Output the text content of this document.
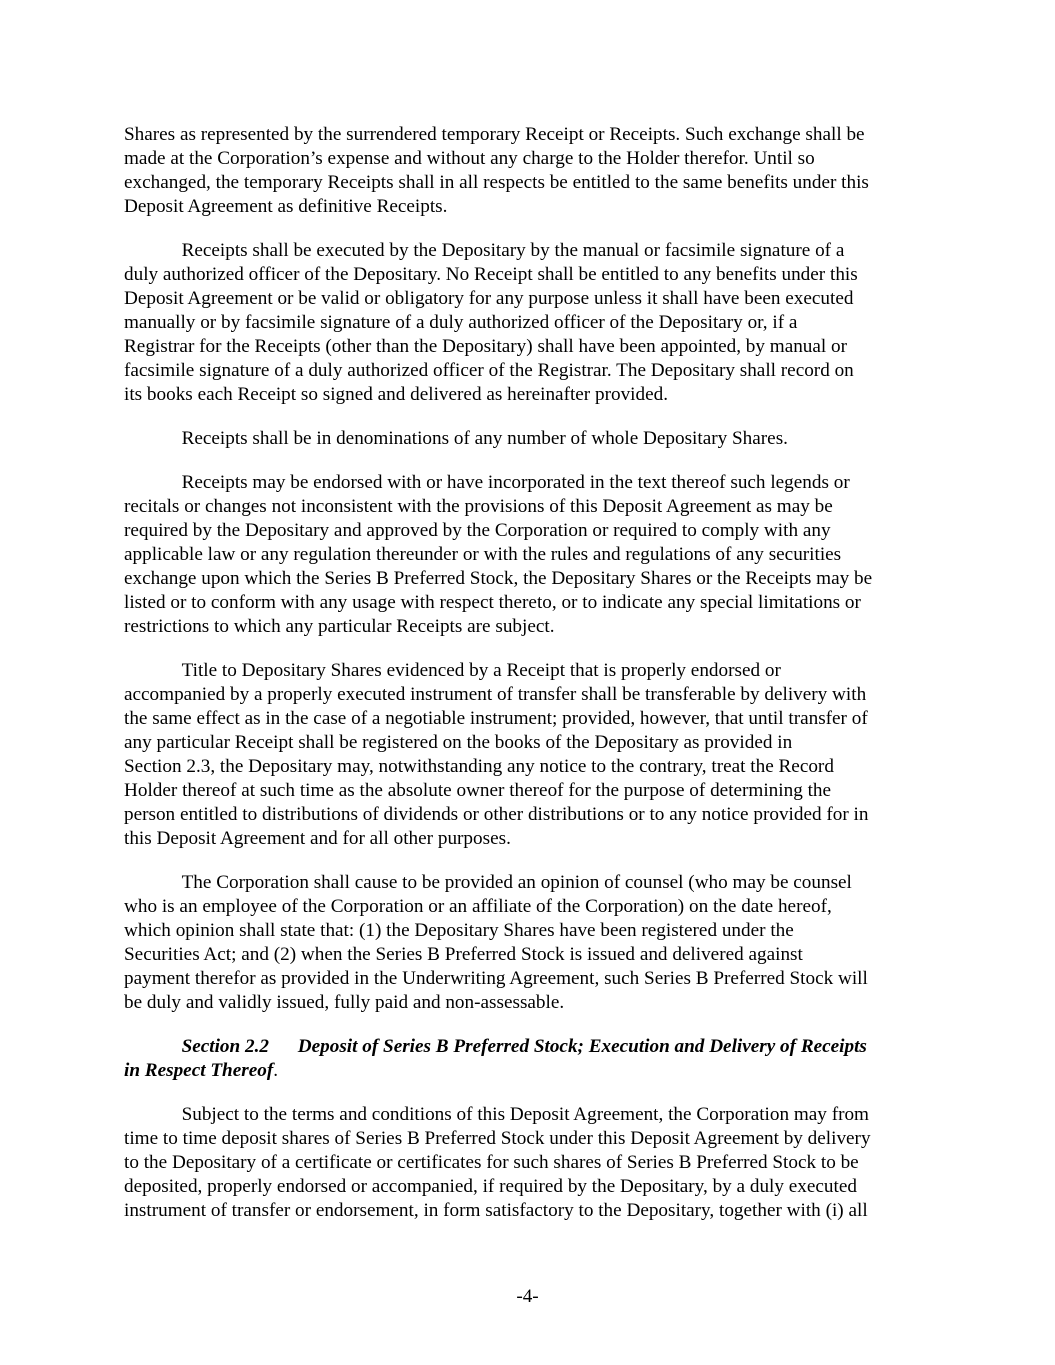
Shares as represented by the surrendered temporary Receipt or Receipts. Such exchange shall be
made at the Corporation’s expense and without any charge to the Holder therefor. Until so
exchanged, the temporary Receipts shall in all respects be entitled to the same benefits under this
Deposit Agreement as definitive Receipts.

Receipts shall be executed by the Depositary by the manual or facsimile signature of a
duly authorized officer of the Depositary. No Receipt shall be entitled to any benefits under this
Deposit Agreement or be valid or obligatory for any purpose unless it shall have been executed
manually or by facsimile signature of a duly authorized officer of the Depositary or, if a
Registrar for the Receipts (other than the Depositary) shall have been appointed, by manual or
facsimile signature of a duly authorized officer of the Registrar. The Depositary shall record on
its books each Receipt so signed and delivered as hereinafter provided.

Receipts shall be in denominations of any number of whole Depositary Shares.

Receipts may be endorsed with or have incorporated in the text thereof such legends or
recitals or changes not inconsistent with the provisions of this Deposit Agreement as may be
required by the Depositary and approved by the Corporation or required to comply with any
applicable law or any regulation thereunder or with the rules and regulations of any securities
exchange upon which the Series B Preferred Stock, the Depositary Shares or the Receipts may be
listed or to conform with any usage with respect thereto, or to indicate any special limitations or
restrictions to which any particular Receipts are subject.

Title to Depositary Shares evidenced by a Receipt that is properly endorsed or
accompanied by a properly executed instrument of transfer shall be transferable by delivery with
the same effect as in the case of a negotiable instrument; provided, however, that until transfer of
any particular Receipt shall be registered on the books of the Depositary as provided in
Section 2.3, the Depositary may, notwithstanding any notice to the contrary, treat the Record
Holder thereof at such time as the absolute owner thereof for the purpose of determining the
person entitled to distributions of dividends or other distributions or to any notice provided for in
this Deposit Agreement and for all other purposes.

The Corporation shall cause to be provided an opinion of counsel (who may be counsel
who is an employee of the Corporation or an affiliate of the Corporation) on the date hereof,
which opinion shall state that: (1) the Depositary Shares have been registered under the
Securities Act; and (2) when the Series B Preferred Stock is issued and delivered against
payment therefor as provided in the Underwriting Agreement, such Series B Preferred Stock will
be duly and validly issued, fully paid and non-assessable.

Section 2.2      Deposit of Series B Preferred Stock; Execution and Delivery of Receipts
in Respect Thereof.

Subject to the terms and conditions of this Deposit Agreement, the Corporation may from
time to time deposit shares of Series B Preferred Stock under this Deposit Agreement by delivery
to the Depositary of a certificate or certificates for such shares of Series B Preferred Stock to be
deposited, properly endorsed or accompanied, if required by the Depositary, by a duly executed
instrument of transfer or endorsement, in form satisfactory to the Depositary, together with (i) all

-4-
